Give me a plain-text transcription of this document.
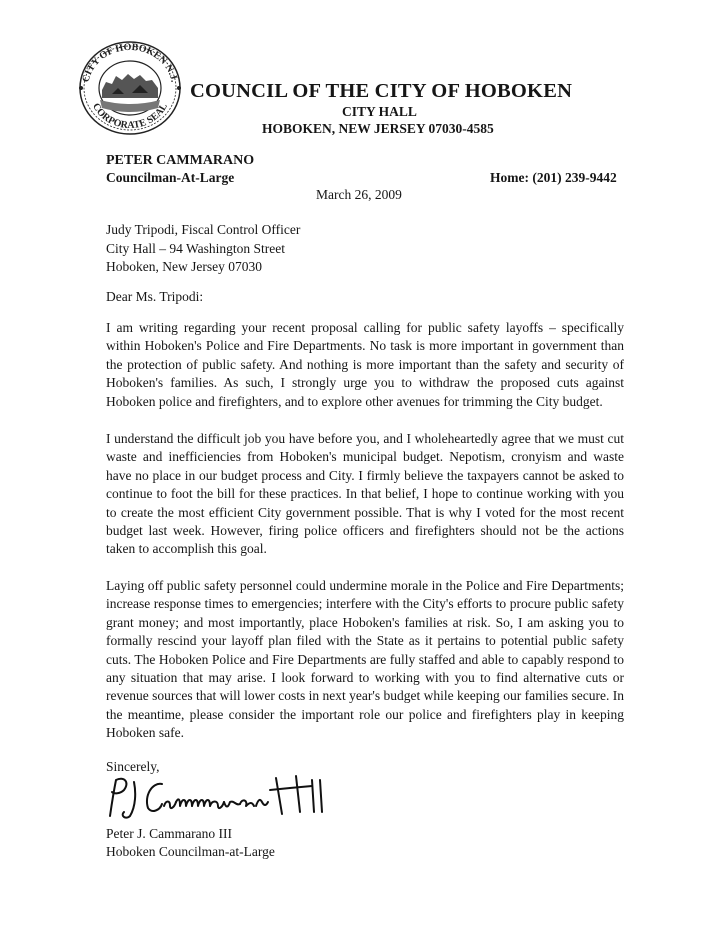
CITY OF HOBOKEN N.J.
CORPORATE SEAL
COUNCIL OF THE CITY OF HOBOKEN
CITY HALL
HOBOKEN, NEW JERSEY 07030-4585
PETER CAMMARANO
Councilman-At-Large	Home: (201) 239-9442
March 26, 2009
Judy Tripodi, Fiscal Control Officer
City Hall – 94 Washington Street
Hoboken, New Jersey 07030
Dear Ms. Tripodi:

I am writing regarding your recent proposal calling for public safety layoffs – specifically within Hoboken's Police and Fire Departments. No task is more important in government than the protection of public safety. And nothing is more important than the safety and security of Hoboken's families. As such, I strongly urge you to withdraw the proposed cuts against Hoboken police and firefighters, and to explore other avenues for trimming the City budget.

I understand the difficult job you have before you, and I wholeheartedly agree that we must cut waste and inefficiencies from Hoboken's municipal budget. Nepotism, cronyism and waste have no place in our budget process and City. I firmly believe the taxpayers cannot be asked to continue to foot the bill for these practices. In that belief, I hope to continue working with you to create the most efficient City government possible. That is why I voted for the most recent budget last week. However, firing police officers and firefighters should not be the actions taken to accomplish this goal.

Laying off public safety personnel could undermine morale in the Police and Fire Departments; increase response times to emergencies; interfere with the City's efforts to procure public safety grant money; and most importantly, place Hoboken's families at risk. So, I am asking you to formally rescind your layoff plan filed with the State as it pertains to potential public safety cuts. The Hoboken Police and Fire Departments are fully staffed and able to capably respond to any situation that may arise. I look forward to working with you to find alternative cuts or revenue sources that will lower costs in next year's budget while keeping our families secure. In the meantime, please consider the important role our police and firefighters play in keeping Hoboken safe.

Sincerely,
Peter J. Cammarano III
Hoboken Councilman-at-Large
